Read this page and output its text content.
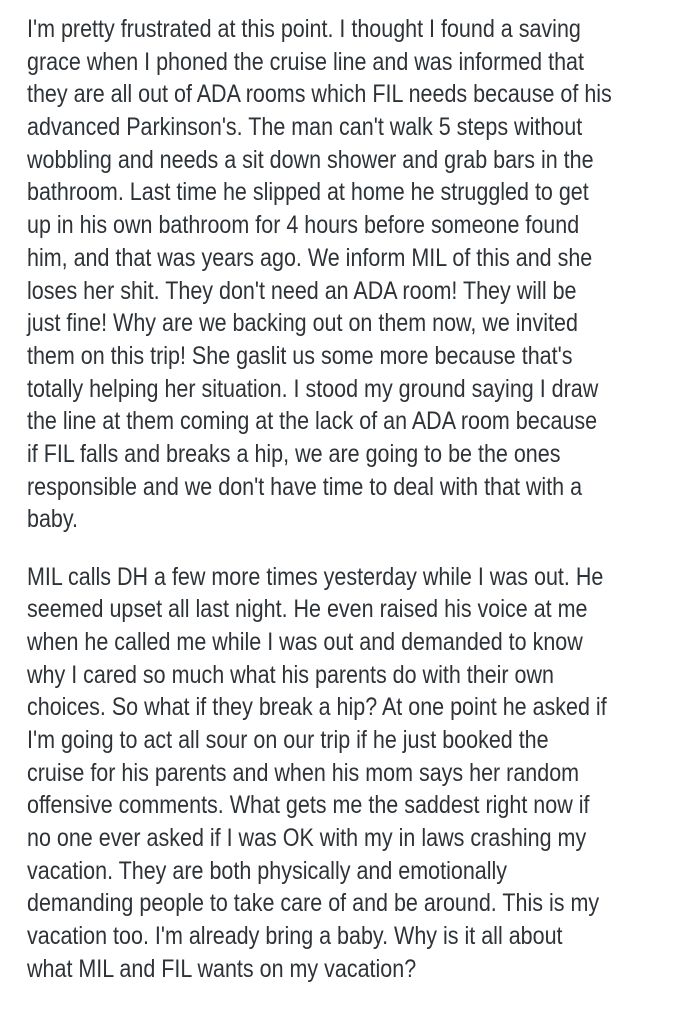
I'm pretty frustrated at this point. I thought I found a saving
grace when I phoned the cruise line and was informed that
they are all out of ADA rooms which FIL needs because of his
advanced Parkinson's. The man can't walk 5 steps without
wobbling and needs a sit down shower and grab bars in the
bathroom. Last time he slipped at home he struggled to get
up in his own bathroom for 4 hours before someone found
him, and that was years ago. We inform MIL of this and she
loses her shit. They don't need an ADA room! They will be
just fine! Why are we backing out on them now, we invited
them on this trip! She gaslit us some more because that's
totally helping her situation. I stood my ground saying I draw
the line at them coming at the lack of an ADA room because
if FIL falls and breaks a hip, we are going to be the ones
responsible and we don't have time to deal with that with a
baby.

MIL calls DH a few more times yesterday while I was out. He
seemed upset all last night. He even raised his voice at me
when he called me while I was out and demanded to know
why I cared so much what his parents do with their own
choices. So what if they break a hip? At one point he asked if
I'm going to act all sour on our trip if he just booked the
cruise for his parents and when his mom says her random
offensive comments. What gets me the saddest right now if
no one ever asked if I was OK with my in laws crashing my
vacation. They are both physically and emotionally
demanding people to take care of and be around. This is my
vacation too. I'm already bring a baby. Why is it all about
what MIL and FIL wants on my vacation?
